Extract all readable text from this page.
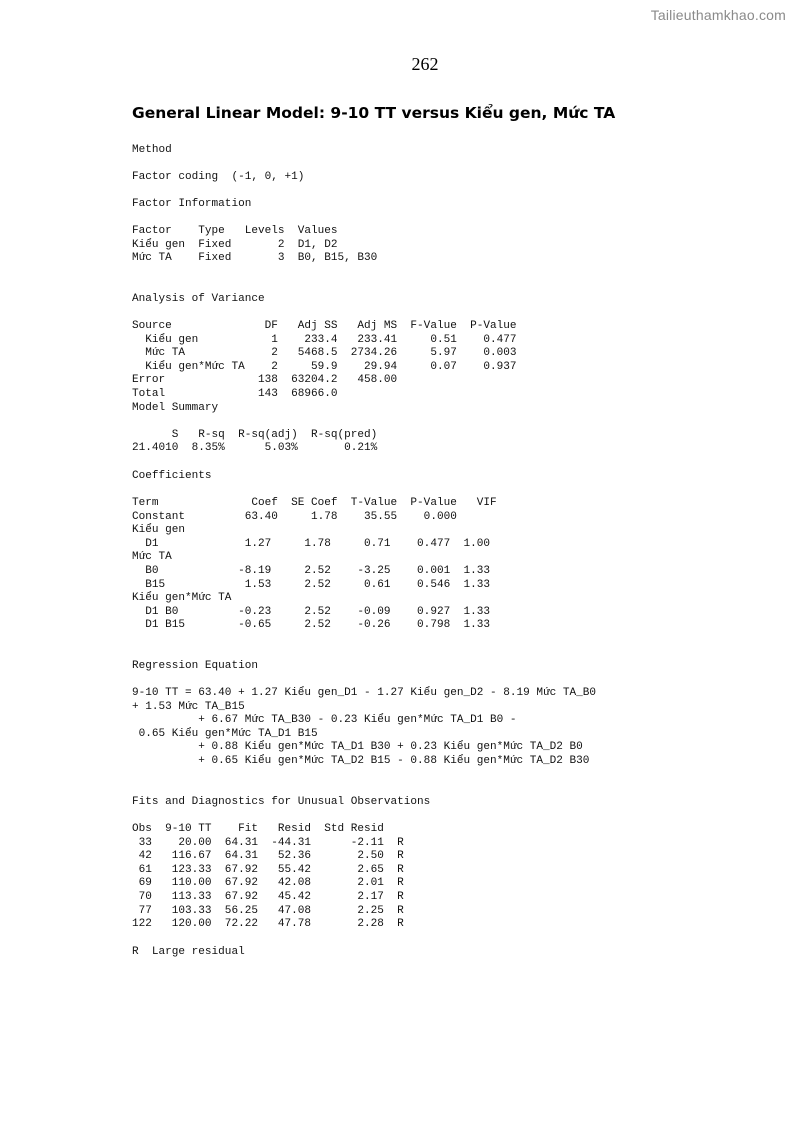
Tailieuthamkhao.com
262
General Linear Model: 9-10 TT versus Kiểu gen, Mức TA
Method
Factor coding  (-1, 0, +1)
Factor Information
Factor    Type   Levels  Values
Kiểu gen  Fixed       2  D1, D2
Mức TA    Fixed       3  B0, B15, B30
Analysis of Variance
Source              DF   Adj SS   Adj MS  F-Value  P-Value
Kiểu gen           1    233.4   233.41     0.51    0.477
Mức TA             2   5468.5  2734.26     5.97    0.003
Kiểu gen*Mức TA    2     59.9    29.94     0.07    0.937
Error              138  63204.2   458.00
Total              143  68966.0
Model Summary
S   R-sq  R-sq(adj)  R-sq(pred)
21.4010  8.35%      5.03%       0.21%
Coefficients
Term              Coef  SE Coef  T-Value  P-Value   VIF
Constant         63.40     1.78    35.55    0.000
Kiểu gen
D1             1.27     1.78     0.71    0.477  1.00
Mức TA
B0            -8.19     2.52    -3.25    0.001  1.33
B15            1.53     2.52     0.61    0.546  1.33
Kiểu gen*Mức TA
D1 B0         -0.23     2.52    -0.09    0.927  1.33
D1 B15        -0.65     2.52    -0.26    0.798  1.33
Regression Equation
9-10 TT = 63.40 + 1.27 Kiểu gen_D1 - 1.27 Kiểu gen_D2 - 8.19 Mức TA_B0
+ 1.53 Mức TA_B15
+ 6.67 Mức TA_B30 - 0.23 Kiểu gen*Mức TA_D1 B0 -
0.65 Kiểu gen*Mức TA_D1 B15
+ 0.88 Kiểu gen*Mức TA_D1 B30 + 0.23 Kiểu gen*Mức TA_D2 B0
+ 0.65 Kiểu gen*Mức TA_D2 B15 - 0.88 Kiểu gen*Mức TA_D2 B30
Fits and Diagnostics for Unusual Observations
Obs  9-10 TT    Fit   Resid  Std Resid
33    20.00  64.31  -44.31      -2.11  R
42   116.67  64.31   52.36       2.50  R
61   123.33  67.92   55.42       2.65  R
69   110.00  67.92   42.08       2.01  R
70   113.33  67.92   45.42       2.17  R
77   103.33  56.25   47.08       2.25  R
122   120.00  72.22   47.78       2.28  R
R  Large residual
